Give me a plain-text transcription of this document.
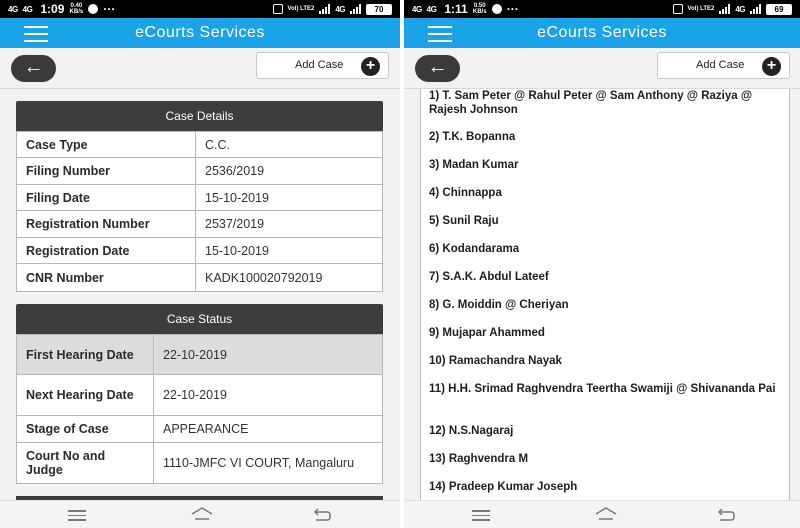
4G 4G 1:09 0.40 KB/s ···	Vol) LTE2	4G	70
eCourts Services
←	Add Case	+
Case Details
Case Type	C.C.
Filing Number	2536/2019
Filing Date	15-10-2019
Registration Number	2537/2019
Registration Date	15-10-2019
CNR Number	KADK100020792019
Case Status
First Hearing Date	22-10-2019
Next Hearing Date	22-10-2019
Stage of Case	APPEARANCE
Court No and Judge	1110-JMFC VI COURT, Mangaluru
4G 4G 1:11 0.50 KB/s ···	Vol) LTE2	4G	69
eCourts Services
←	Add Case	+
1) T. Sam Peter @ Rahul Peter @ Sam Anthony @ Raziya @ Rajesh Johnson
2) T.K. Bopanna
3) Madan Kumar
4) Chinnappa
5) Sunil Raju
6) Kodandarama
7) S.A.K. Abdul Lateef
8) G. Moiddin @ Cheriyan
9) Mujapar Ahammed
10) Ramachandra Nayak
11) H.H. Srimad Raghvendra Teertha Swamiji @ Shivananda Pai
12) N.S.Nagaraj
13) Raghvendra M
14) Pradeep Kumar Joseph
